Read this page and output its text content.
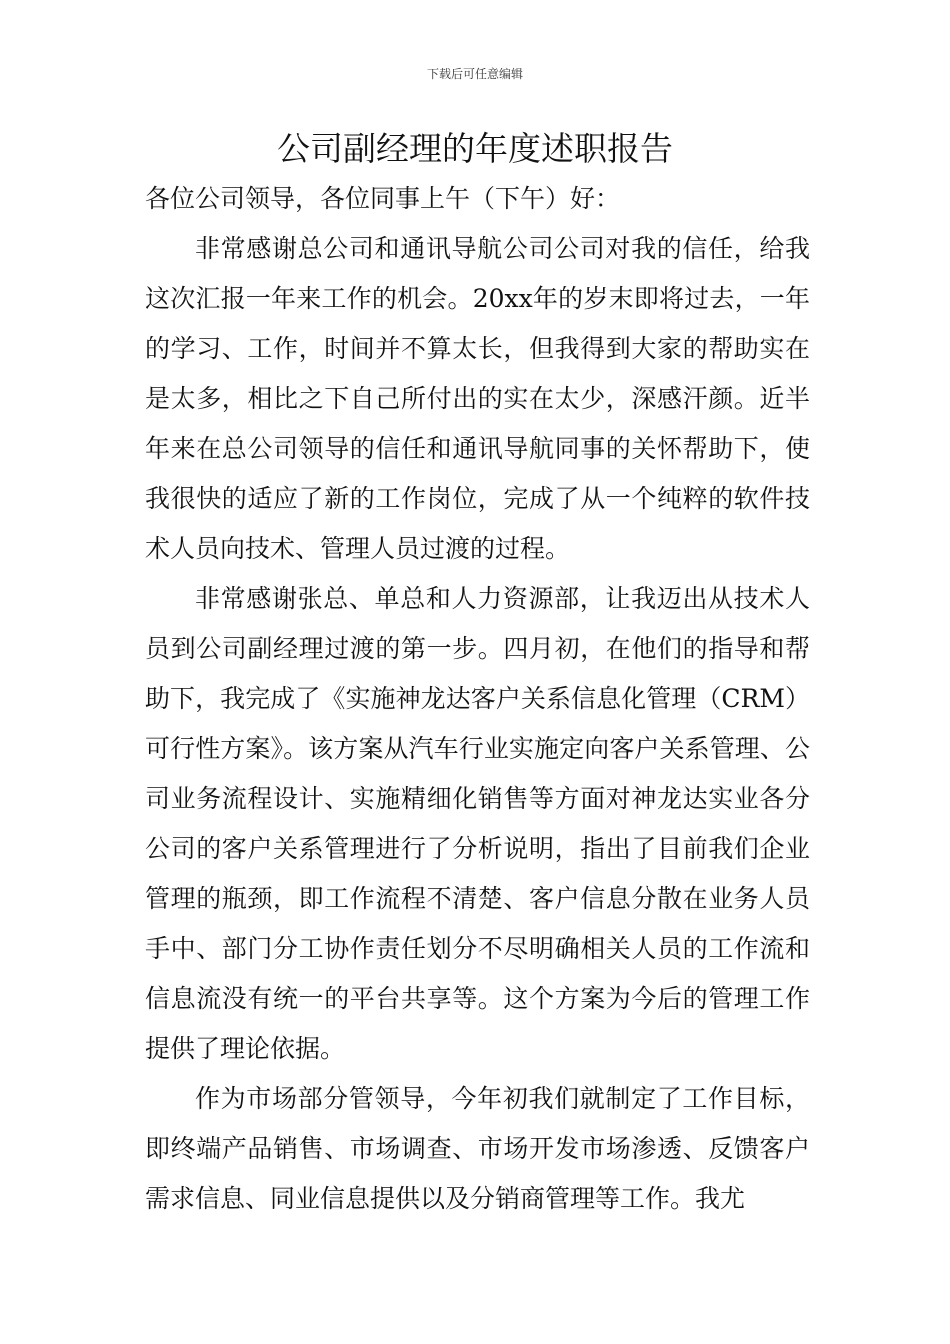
下载后可任意编辑
公司副经理的年度述职报告

各位公司领导，各位同事上午（下午）好：

非常感谢总公司和通讯导航公司公司对我的信任，给我这次汇报一年来工作的机会。20xx年的岁末即将过去，一年的学习、工作，时间并不算太长，但我得到大家的帮助实在是太多，相比之下自己所付出的实在太少，深感汗颜。近半年来在总公司领导的信任和通讯导航同事的关怀帮助下，使我很快的适应了新的工作岗位，完成了从一个纯粹的软件技术人员向技术、管理人员过渡的过程。

非常感谢张总、单总和人力资源部，让我迈出从技术人员到公司副经理过渡的第一步。四月初，在他们的指导和帮助下，我完成了《实施神龙达客户关系信息化管理（CRM）可行性方案》。该方案从汽车行业实施定向客户关系管理、公司业务流程设计、实施精细化销售等方面对神龙达实业各分公司的客户关系管理进行了分析说明，指出了目前我们企业管理的瓶颈，即工作流程不清楚、客户信息分散在业务人员手中、部门分工协作责任划分不尽明确相关人员的工作流和信息流没有统一的平台共享等。这个方案为今后的管理工作提供了理论依据。

作为市场部分管领导，今年初我们就制定了工作目标，即终端产品销售、市场调查、市场开发市场渗透、反馈客户需求信息、同业信息提供以及分销商管理等工作。我尤
